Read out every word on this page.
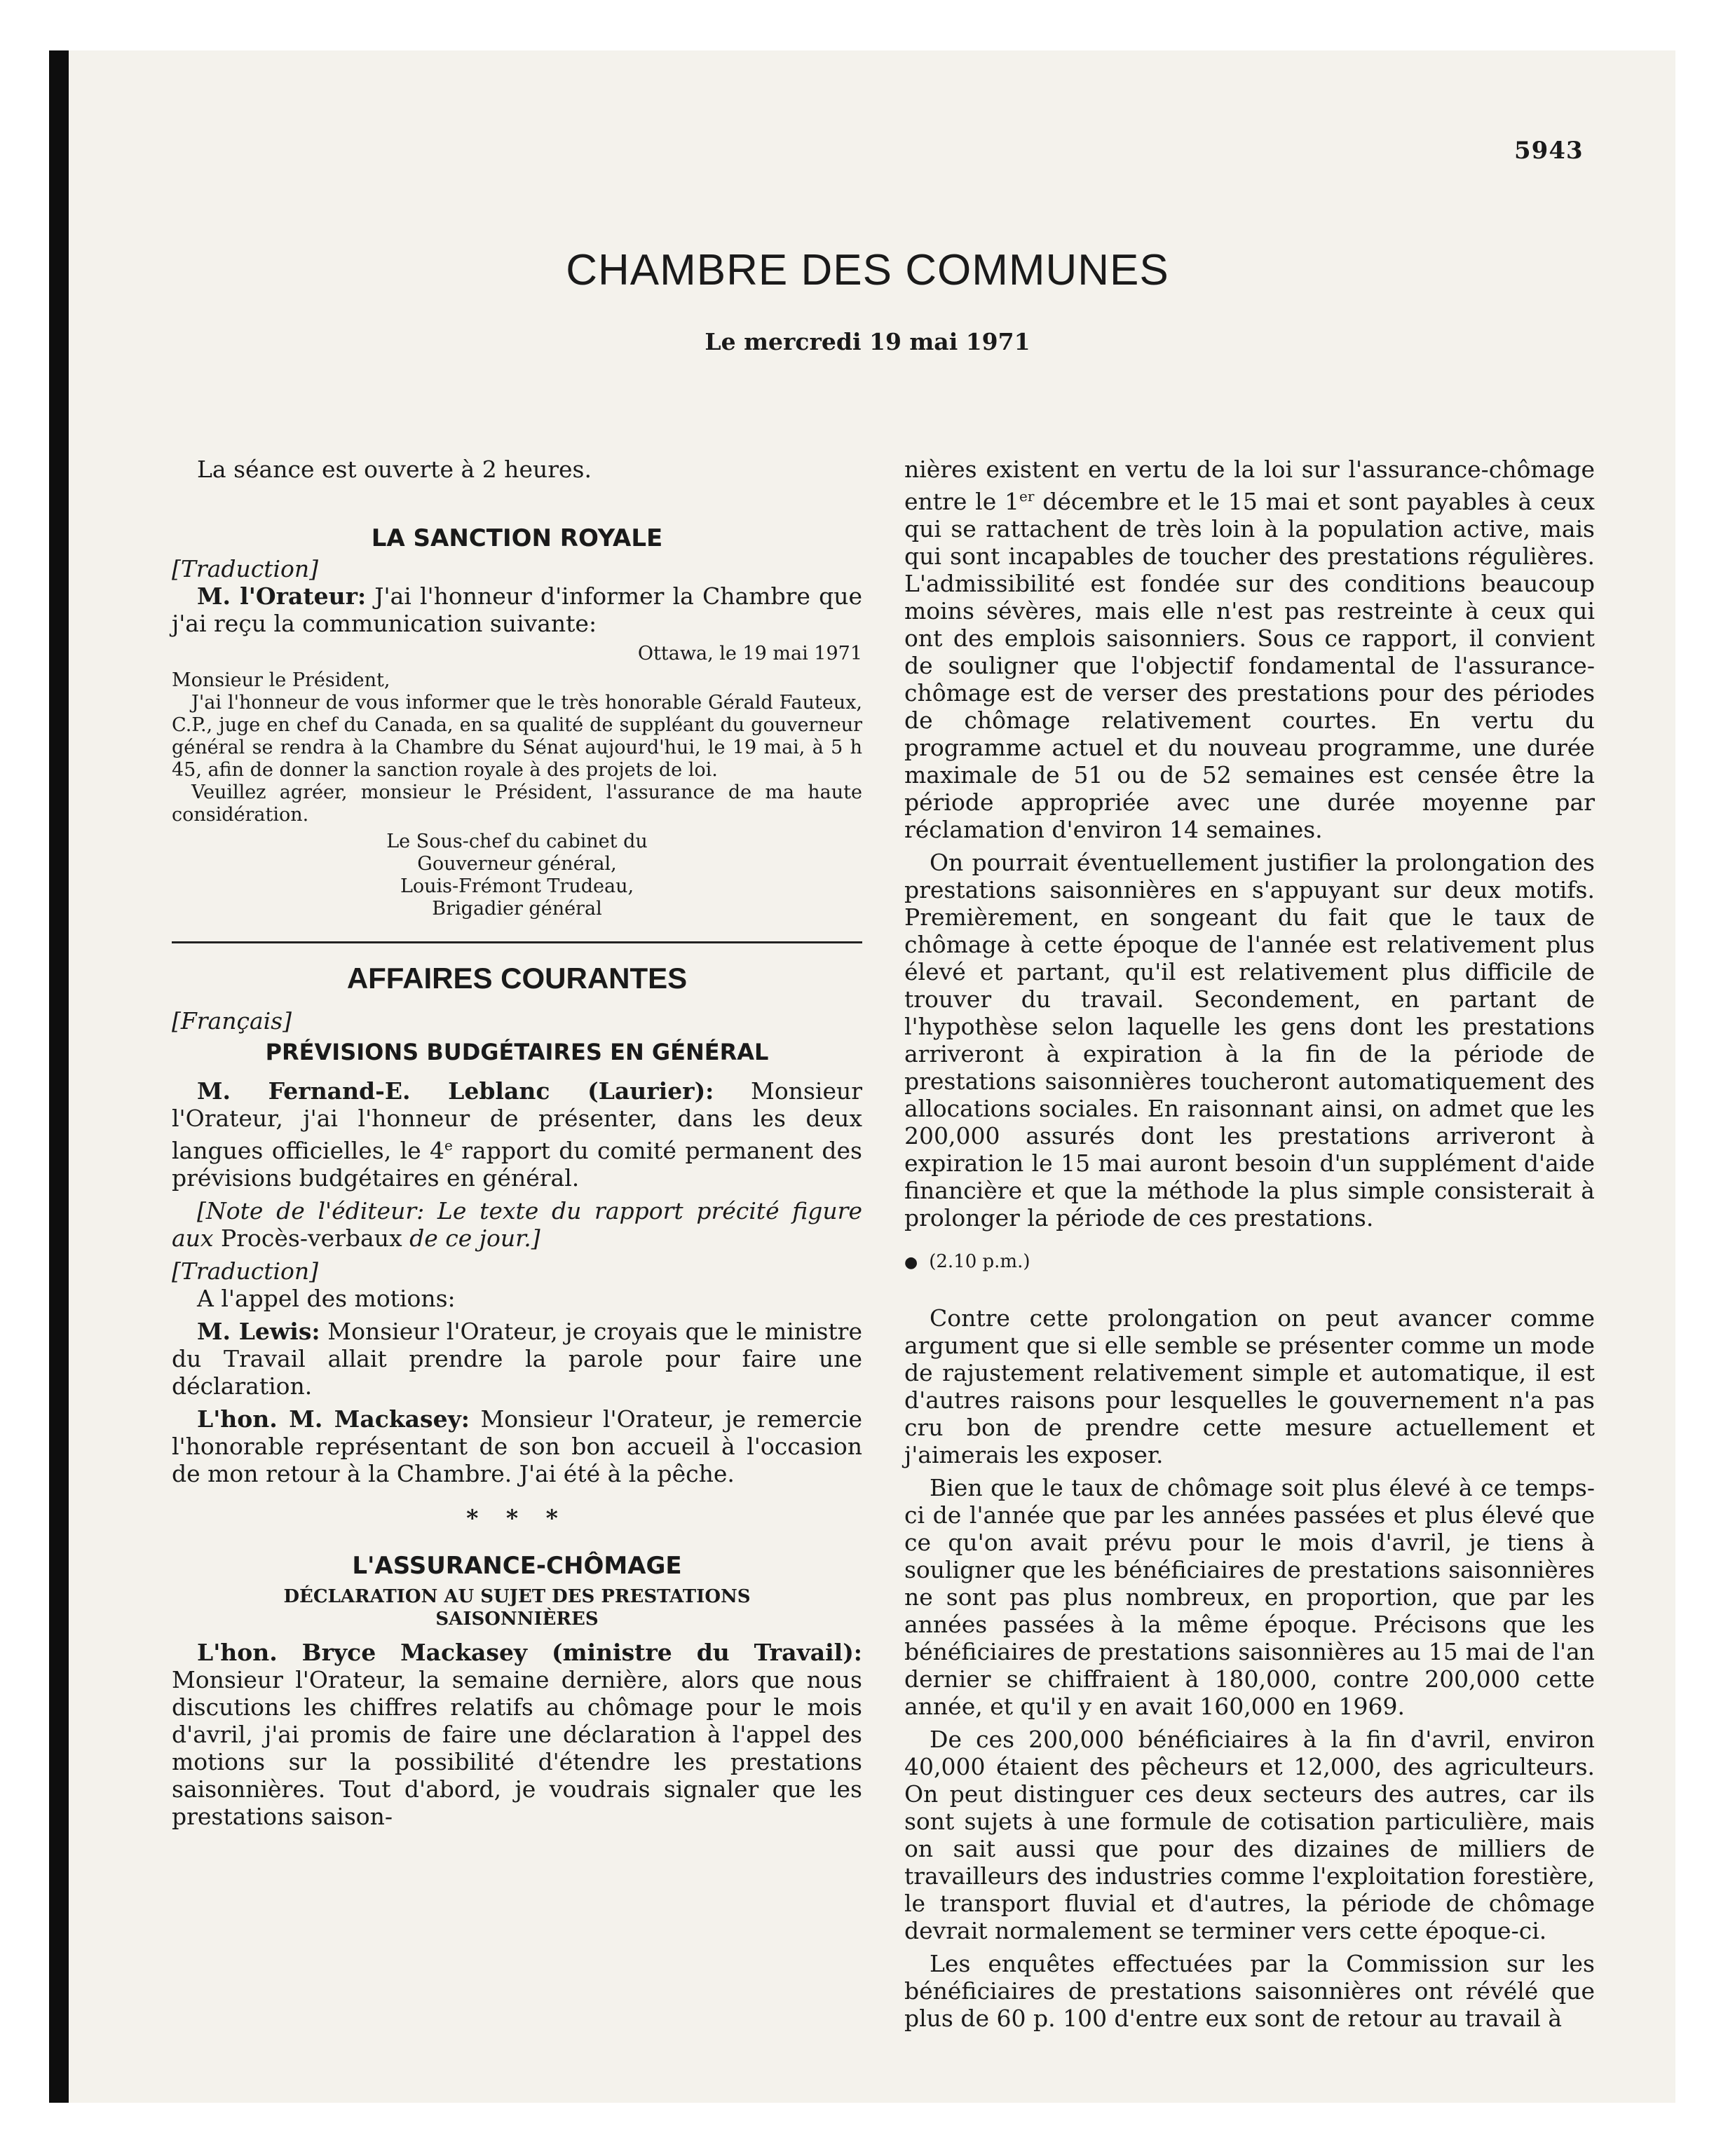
5943
CHAMBRE DES COMMUNES
Le mercredi 19 mai 1971

La séance est ouverte à 2 heures.

LA SANCTION ROYALE

[Traduction]

M. l'Orateur: J'ai l'honneur d'informer la Chambre que j'ai reçu la communication suivante:

Ottawa, le 19 mai 1971

Monsieur le Président,

J'ai l'honneur de vous informer que le très honorable Gérald Fauteux, C.P., juge en chef du Canada, en sa qualité de suppléant du gouverneur général se rendra à la Chambre du Sénat aujourd'hui, le 19 mai, à 5 h 45, afin de donner la sanction royale à des projets de loi.

Veuillez agréer, monsieur le Président, l'assurance de ma haute considération.

Le Sous-chef du cabinet du

Gouverneur général,

Louis-Frémont Trudeau,

Brigadier général

AFFAIRES COURANTES

[Français]

PRÉVISIONS BUDGÉTAIRES EN GÉNÉRAL

M. Fernand-E. Leblanc (Laurier): Monsieur l'Orateur, j'ai l'honneur de présenter, dans les deux langues officielles, le 4e rapport du comité permanent des prévisions budgétaires en général.

[Note de l'éditeur: Le texte du rapport précité figure aux Procès-verbaux de ce jour.]

[Traduction]

A l'appel des motions:

M. Lewis: Monsieur l'Orateur, je croyais que le ministre du Travail allait prendre la parole pour faire une déclaration.

L'hon. M. Mackasey: Monsieur l'Orateur, je remercie l'honorable représentant de son bon accueil à l'occasion de mon retour à la Chambre. J'ai été à la pêche.

* * *

L'ASSURANCE-CHÔMAGE

DÉCLARATION AU SUJET DES PRESTATIONS
SAISONNIÈRES

L'hon. Bryce Mackasey (ministre du Travail): Monsieur l'Orateur, la semaine dernière, alors que nous discutions les chiffres relatifs au chômage pour le mois d'avril, j'ai promis de faire une déclaration à l'appel des motions sur la possibilité d'étendre les prestations saisonnières. Tout d'abord, je voudrais signaler que les prestations saison-

nières existent en vertu de la loi sur l'assurance-chômage entre le 1er décembre et le 15 mai et sont payables à ceux qui se rattachent de très loin à la population active, mais qui sont incapables de toucher des prestations régulières. L'admissibilité est fondée sur des conditions beaucoup moins sévères, mais elle n'est pas restreinte à ceux qui ont des emplois saisonniers. Sous ce rapport, il convient de souligner que l'objectif fondamental de l'assurance-chômage est de verser des prestations pour des périodes de chômage relativement courtes. En vertu du programme actuel et du nouveau programme, une durée maximale de 51 ou de 52 semaines est censée être la période appropriée avec une durée moyenne par réclamation d'environ 14 semaines.

On pourrait éventuellement justifier la prolongation des prestations saisonnières en s'appuyant sur deux motifs. Premièrement, en songeant du fait que le taux de chômage à cette époque de l'année est relativement plus élevé et partant, qu'il est relativement plus difficile de trouver du travail. Secondement, en partant de l'hypothèse selon laquelle les gens dont les prestations arriveront à expiration à la fin de la période de prestations saisonnières toucheront automatiquement des allocations sociales. En raisonnant ainsi, on admet que les 200,000 assurés dont les prestations arriveront à expiration le 15 mai auront besoin d'un supplément d'aide financière et que la méthode la plus simple consisterait à prolonger la période de ces prestations.

● (2.10 p.m.)

Contre cette prolongation on peut avancer comme argument que si elle semble se présenter comme un mode de rajustement relativement simple et automatique, il est d'autres raisons pour lesquelles le gouvernement n'a pas cru bon de prendre cette mesure actuellement et j'aimerais les exposer.

Bien que le taux de chômage soit plus élevé à ce temps-ci de l'année que par les années passées et plus élevé que ce qu'on avait prévu pour le mois d'avril, je tiens à souligner que les bénéficiaires de prestations saisonnières ne sont pas plus nombreux, en proportion, que par les années passées à la même époque. Précisons que les bénéficiaires de prestations saisonnières au 15 mai de l'an dernier se chiffraient à 180,000, contre 200,000 cette année, et qu'il y en avait 160,000 en 1969.

De ces 200,000 bénéficiaires à la fin d'avril, environ 40,000 étaient des pêcheurs et 12,000, des agriculteurs. On peut distinguer ces deux secteurs des autres, car ils sont sujets à une formule de cotisation particulière, mais on sait aussi que pour des dizaines de milliers de travailleurs des industries comme l'exploitation forestière, le transport fluvial et d'autres, la période de chômage devrait normalement se terminer vers cette époque-ci.

Les enquêtes effectuées par la Commission sur les bénéficiaires de prestations saisonnières ont révélé que plus de 60 p. 100 d'entre eux sont de retour au travail à
